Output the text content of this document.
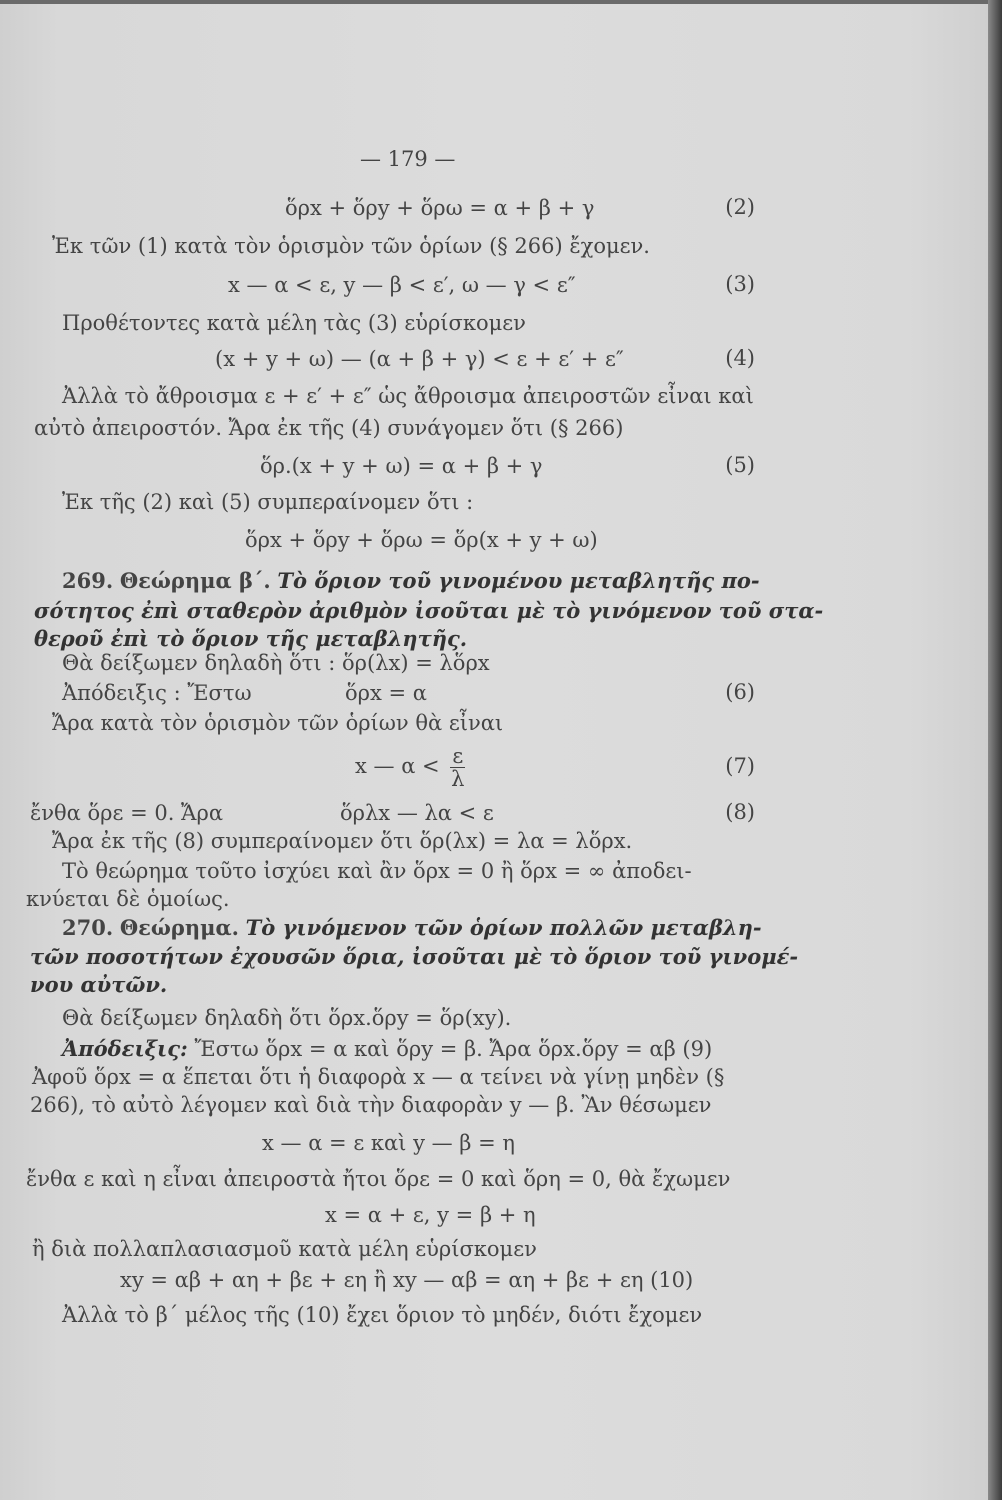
— 179 —
ὅρx + ὅρy + ὅρω = α + β + γ	(2)
Ἐκ τῶν (1) κατὰ τὸν ὁρισμὸν τῶν ὁρίων (§ 266) ἔχομεν.
x — α < ε, y — β < ε′, ω — γ < ε″	(3)
Προθέτοντες κατὰ μέλη τὰς (3) εὑρίσκομεν
(x + y + ω) — (α + β + γ) < ε + ε′ + ε″	(4)
Ἀλλὰ τὸ ἄθροισμα ε + ε′ + ε″ ὡς ἄθροισμα ἀπειροστῶν εἶναι καὶ
αὐτὸ ἀπειροστόν. Ἄρα ἐκ τῆς (4) συνάγομεν ὅτι (§ 266)
ὅρ.(x + y + ω) = α + β + γ	(5)
Ἐκ τῆς (2) καὶ (5) συμπεραίνομεν ὅτι :
ὅρx + ὅρy + ὅρω = ὅρ(x + y + ω)
269. Θεώρημα β΄. Τὸ ὅριον τοῦ γινομένου μεταβλητῆς πο-
σότητος ἐπὶ σταθερὸν ἀριθμὸν ἰσοῦται μὲ τὸ γινόμενον τοῦ στα-
θεροῦ ἐπὶ τὸ ὅριον τῆς μεταβλητῆς.
Θὰ δείξωμεν δηλαδὴ ὅτι : ὅρ(λx) = λὅρx
Ἀπόδειξις : Ἔστω	ὅρx = α	(6)
Ἄρα κατὰ τὸν ὁρισμὸν τῶν ὁρίων θὰ εἶναι
x — $\alpha < \frac{\varepsilon}{\lambda}$	(7)
ἔνθα ὅρε = 0. Ἄρα	ὅρλx — λα < ε	(8)
Ἄρα ἐκ τῆς (8) συμπεραίνομεν ὅτι ὅρ(λx) = λα = λὅρx.
Τὸ θεώρημα τοῦτο ἰσχύει καὶ ἂν ὅρx = 0 ἢ ὅρx = ∞ ἀποδει-
κνύεται δὲ ὁμοίως.
270. Θεώρημα. Τὸ γινόμενον τῶν ὁρίων πολλῶν μεταβλη-
τῶν ποσοτήτων ἐχουσῶν ὅρια, ἰσοῦται μὲ τὸ ὅριον τοῦ γινομέ-
νου αὐτῶν.
Θὰ δείξωμεν δηλαδὴ ὅτι ὅρx.ὅρy = ὅρ(xy).
Ἀπόδειξις: Ἔστω ὅρx = α καὶ ὅρy = β. Ἄρα ὅρx.ὅρy = αβ (9)
Ἀφοῦ ὅρx = α ἕπεται ὅτι ἡ διαφορὰ x — α τείνει νὰ γίνῃ μηδὲν (§
266), τὸ αὐτὸ λέγομεν καὶ διὰ τὴν διαφορὰν y — β. Ἂν θέσωμεν
x — α = ε καὶ y — β = η
ἔνθα ε καὶ η εἶναι ἀπειροστὰ ἤτοι ὅρε = 0 καὶ ὅρη = 0, θὰ ἔχωμεν
x = α + ε, y = β + η
ἢ διὰ πολλαπλασιασμοῦ κατὰ μέλη εὑρίσκομεν
xy = αβ + αη + βε + εη ἢ xy — αβ = αη + βε + εη (10)
Ἀλλὰ τὸ β΄ μέλος τῆς (10) ἔχει ὅριον τὸ μηδέν, διότι ἔχομεν
